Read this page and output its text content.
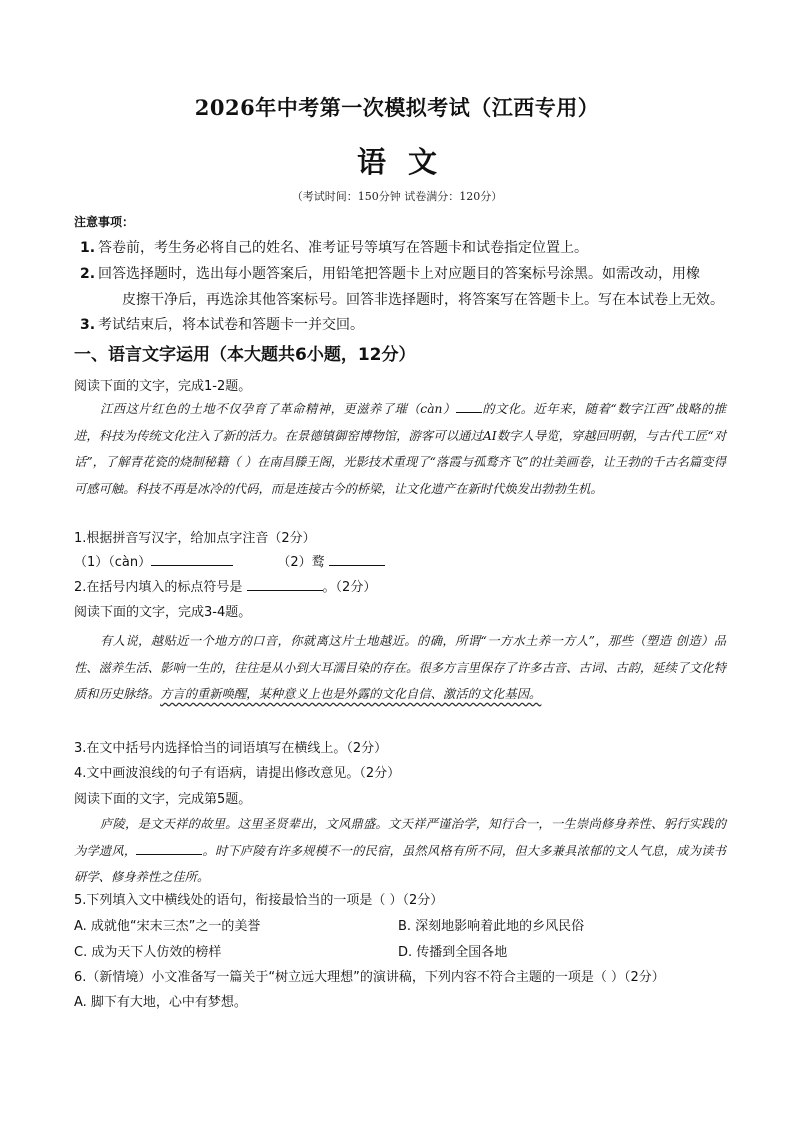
2026年中考第一次模拟考试（江西专用）
语文
（考试时间：150分钟 试卷满分：120分）
注意事项：
1. 答卷前，考生务必将自己的姓名、准考证号等填写在答题卡和试卷指定位置上。
2. 回答选择题时，选出每小题答案后，用铅笔把答题卡上对应题目的答案标号涂黑。如需改动，用橡
皮擦干净后，再选涂其他答案标号。回答非选择题时，将答案写在答题卡上。写在本试卷上无效。
3. 考试结束后，将本试卷和答题卡一并交回。
一、语言文字运用（本大题共6小题，12分）
阅读下面的文字，完成1-2题。

江西这片红色的土地不仅孕育了革命精神，更滋养了璀（càn） 的文化。近年来，随着“数字江西”战略的推进，科技为传统文化注入了新的活力。在景德镇御窑博物馆，游客可以通过AI数字人导览，穿越回明朝，与古代工匠“对话”，了解青花瓷的烧制秘籍（ ）在南昌滕王阁，光影技术重现了“落霞与孤鹜齐飞”的壮美画卷，让王勃的千古名篇变得可感可触。科技不再是冰冷的代码，而是连接古今的桥梁，让文化遗产在新时代焕发出勃勃生机。

1.根据拼音写汉字，给加点字注音（2分）
（1）（càn）	（2）鹜
2.在括号内填入的标点符号是	。（2分）
阅读下面的文字，完成3-4题。

有人说，越贴近一个地方的口音，你就离这片土地越近。的确，所谓“一方水土养一方人”，那些（塑造 创造）品性、滋养生活、影响一生的，往往是从小到大耳濡目染的存在。很多方言里保存了许多古音、古词、古韵，延续了文化特质和历史脉络。方言的重新唤醒，某种意义上也是外露的文化自信、激活的文化基因。

3.在文中括号内选择恰当的词语填写在横线上。（2分）
4.文中画波浪线的句子有语病，请提出修改意见。（2分）
阅读下面的文字，完成第5题。

庐陵，是文天祥的故里。这里圣贤辈出，文风鼎盛。文天祥严谨治学，知行合一，一生崇尚修身养性、躬行实践的为学遗风，	。时下庐陵有许多规模不一的民宿，虽然风格有所不同，但大多兼具浓郁的文人气息，成为读书研学、修身养性之佳所。

5.下列填入文中横线处的语句，衔接最恰当的一项是（ ）（2分）
A. 成就他“宋末三杰”之一的美誉	B. 深刻地影响着此地的乡风民俗
C. 成为天下人仿效的榜样	D. 传播到全国各地
6.（新情境）小文准备写一篇关于“树立远大理想”的演讲稿，下列内容不符合主题的一项是（ ）（2分）
A. 脚下有大地，心中有梦想。
